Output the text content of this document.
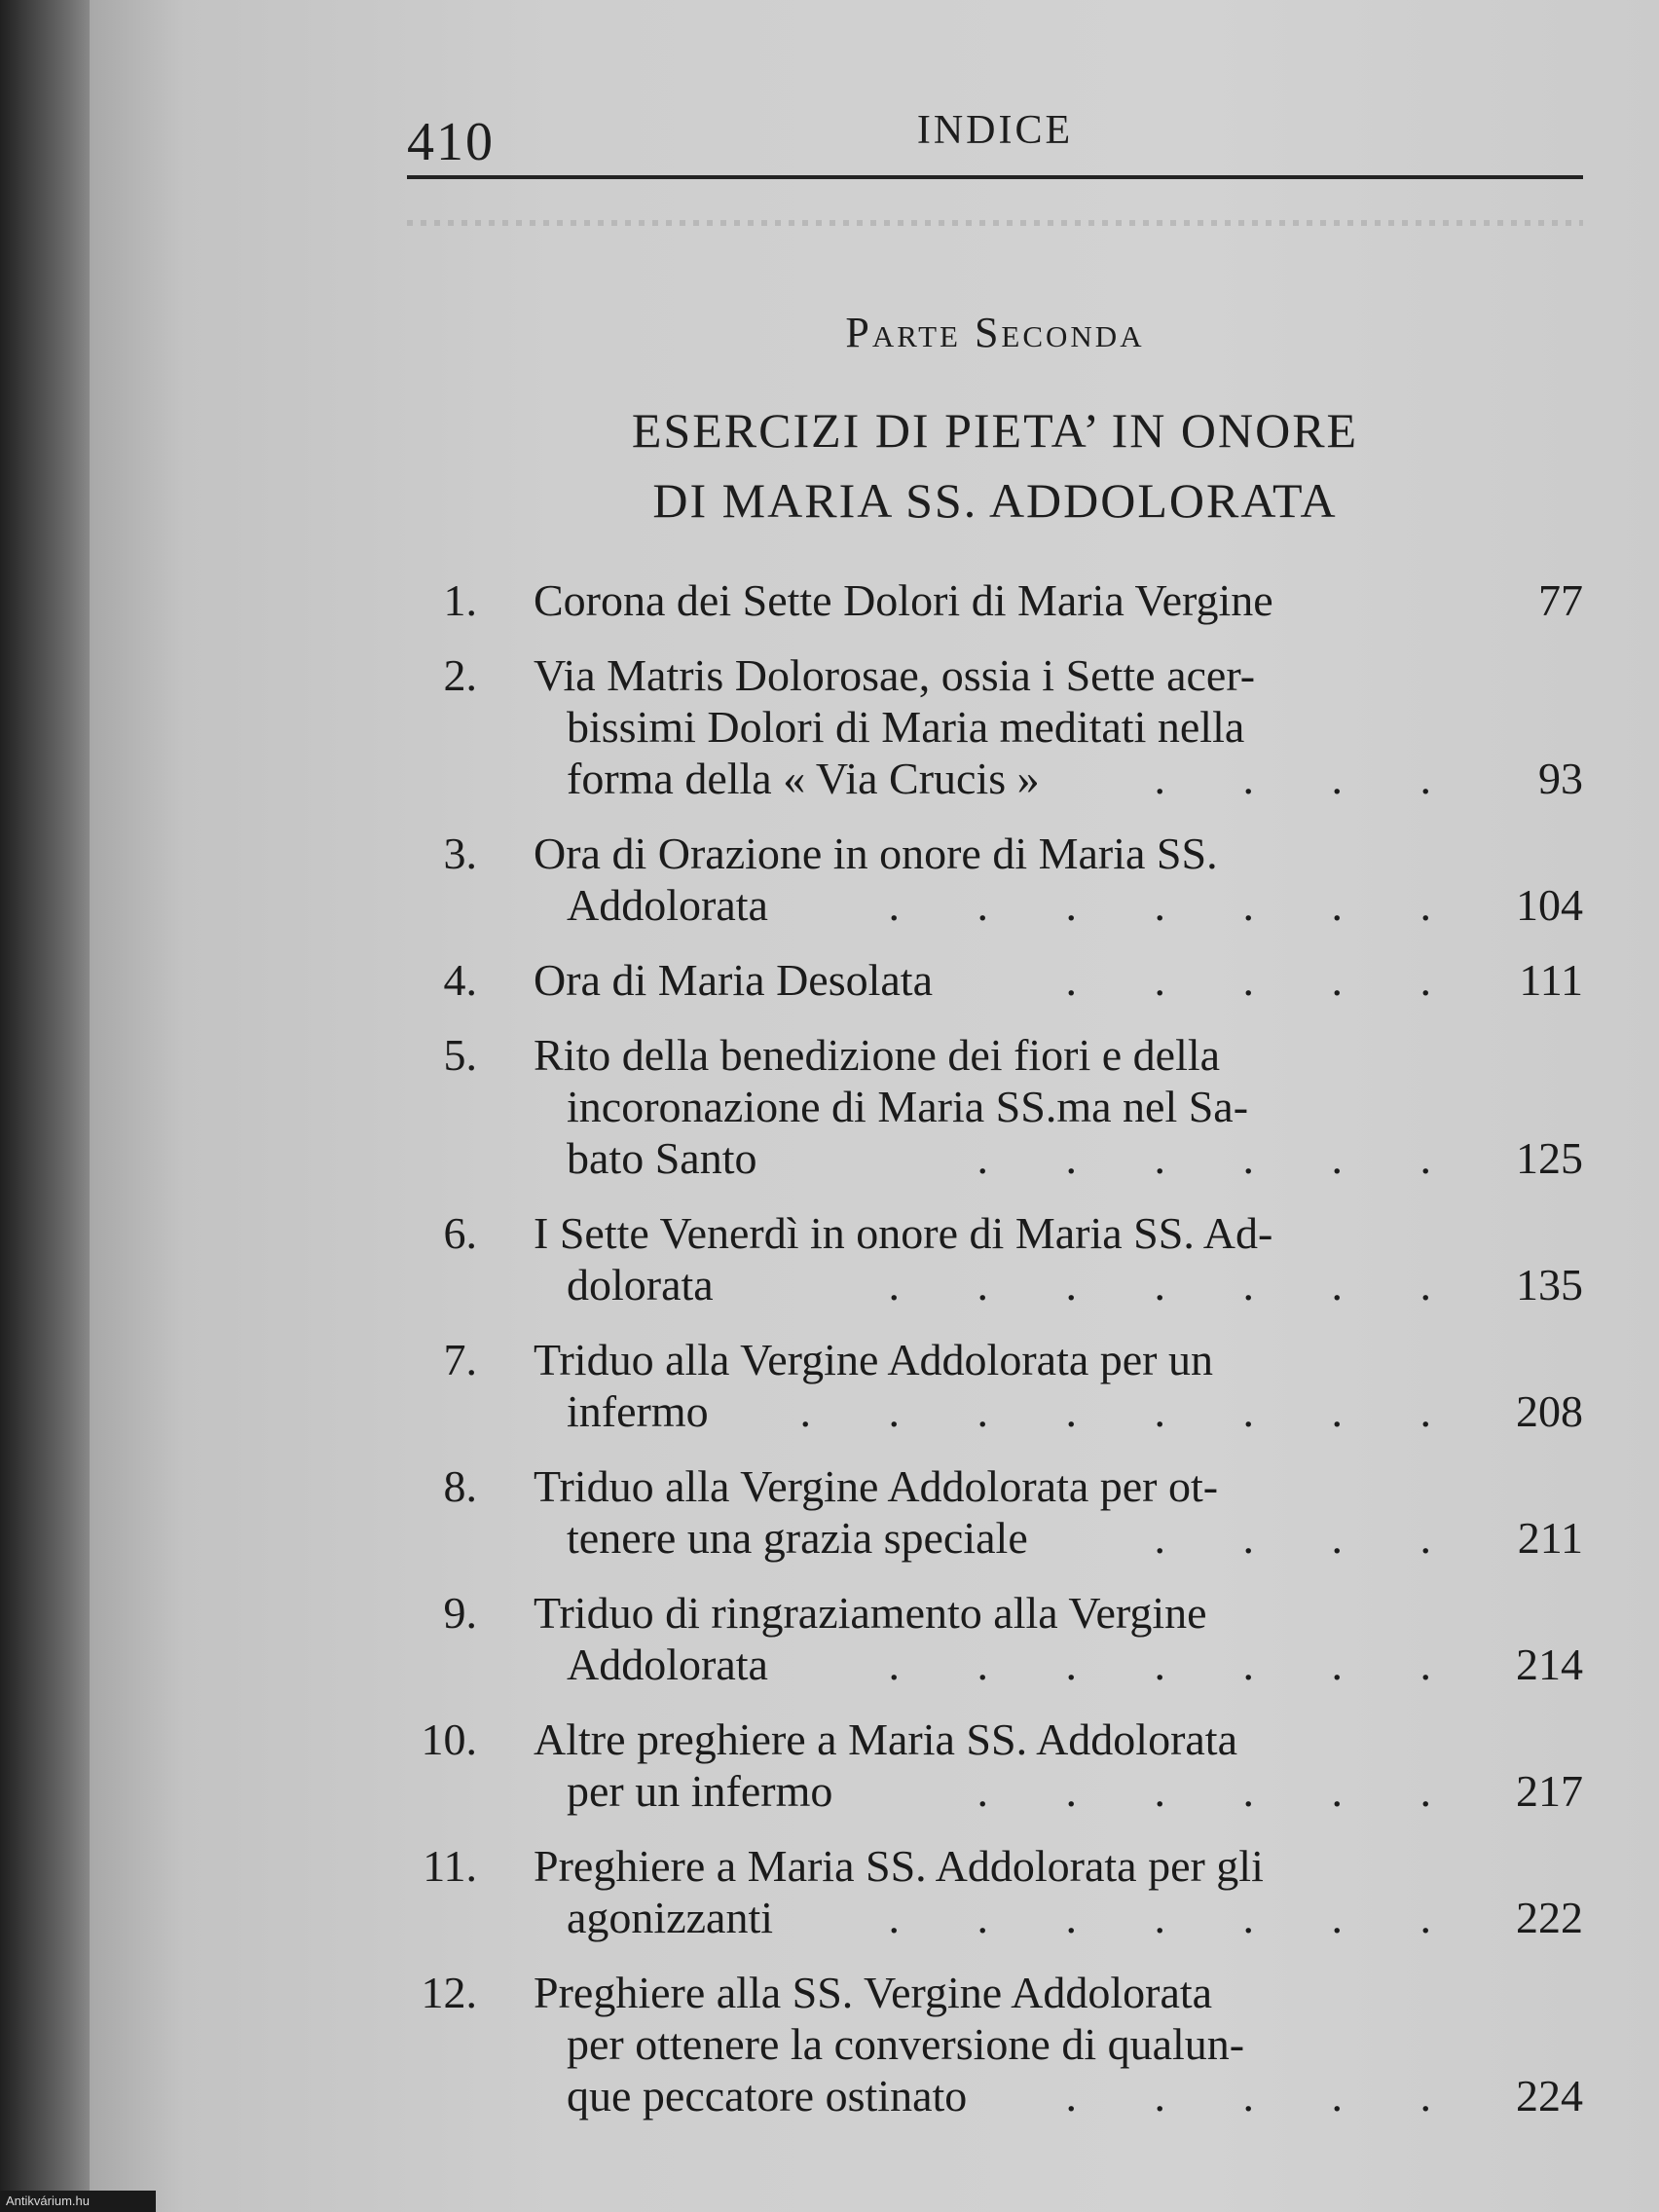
410	INDICE
Parte Seconda
ESERCIZI DI PIETA’ IN ONORE
DI MARIA SS. ADDOLORATA
1. Corona dei Sette Dolori di Maria Vergine	77
2. Via Matris Dolorosae, ossia i Sette acer-
bissimi Dolori di Maria meditati nella
forma della « Via Crucis »	. . . .	93
3. Ora di Orazione in onore di Maria SS.
Addolorata	. . . . . . .	104
4. Ora di Maria Desolata	. . . . .	111
5. Rito della benedizione dei fiori e della
incoronazione di Maria SS.ma nel Sa-
bato Santo	. . . . . .	125
6. I Sette Venerdì in onore di Maria SS. Ad-
dolorata	. . . . . . .	135
7. Triduo alla Vergine Addolorata per un
infermo . . . . . . . .	208
8. Triduo alla Vergine Addolorata per ot-
tenere una grazia speciale	. . . .	211
9. Triduo di ringraziamento alla Vergine
Addolorata	. . . . . . .	214
10. Altre preghiere a Maria SS. Addolorata
per un infermo	. . . . . .	217
11. Preghiere a Maria SS. Addolorata per gli
agonizzanti	. . . . . . .	222
12. Preghiere alla SS. Vergine Addolorata
per ottenere la conversione di qualun-
que peccatore ostinato . . . . .	224
Antikvárium.hu
